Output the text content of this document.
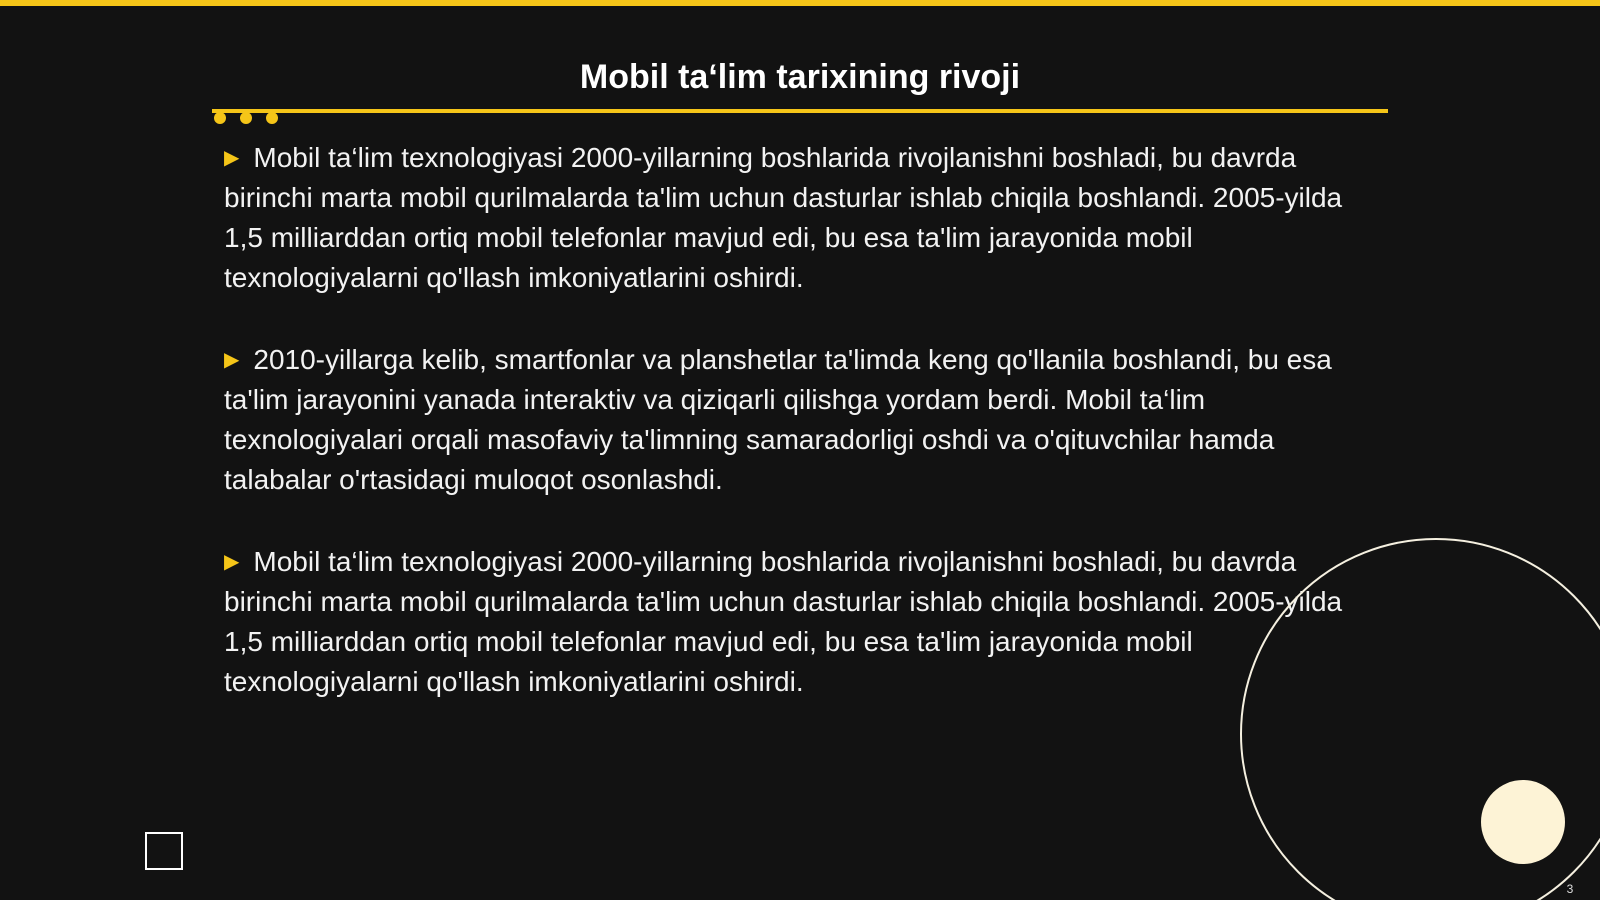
Mobil ta‘lim tarixining rivoji
▶ Mobil ta‘lim texnologiyasi 2000-yillarning boshlarida rivojlanishni boshladi, bu davrda birinchi marta mobil qurilmalarda ta'lim uchun dasturlar ishlab chiqila boshlandi. 2005-yilda 1,5 milliarddan ortiq mobil telefonlar mavjud edi, bu esa ta'lim jarayonida mobil texnologiyalarni qo'llash imkoniyatlarini oshirdi.
▶ 2010-yillarga kelib, smartfonlar va planshetlar ta'limda keng qo'llanila boshlandi, bu esa ta'lim jarayonini yanada interaktiv va qiziqarli qilishga yordam berdi. Mobil ta‘lim texnologiyalari orqali masofaviy ta'limning samaradorligi oshdi va o'qituvchilar hamda talabalar o'rtasidagi muloqot osonlashdi.
▶ Mobil ta‘lim texnologiyasi 2000-yillarning boshlarida rivojlanishni boshladi, bu davrda birinchi marta mobil qurilmalarda ta'lim uchun dasturlar ishlab chiqila boshlandi. 2005-yilda 1,5 milliarddan ortiq mobil telefonlar mavjud edi, bu esa ta'lim jarayonida mobil texnologiyalarni qo'llash imkoniyatlarini oshirdi.
3
